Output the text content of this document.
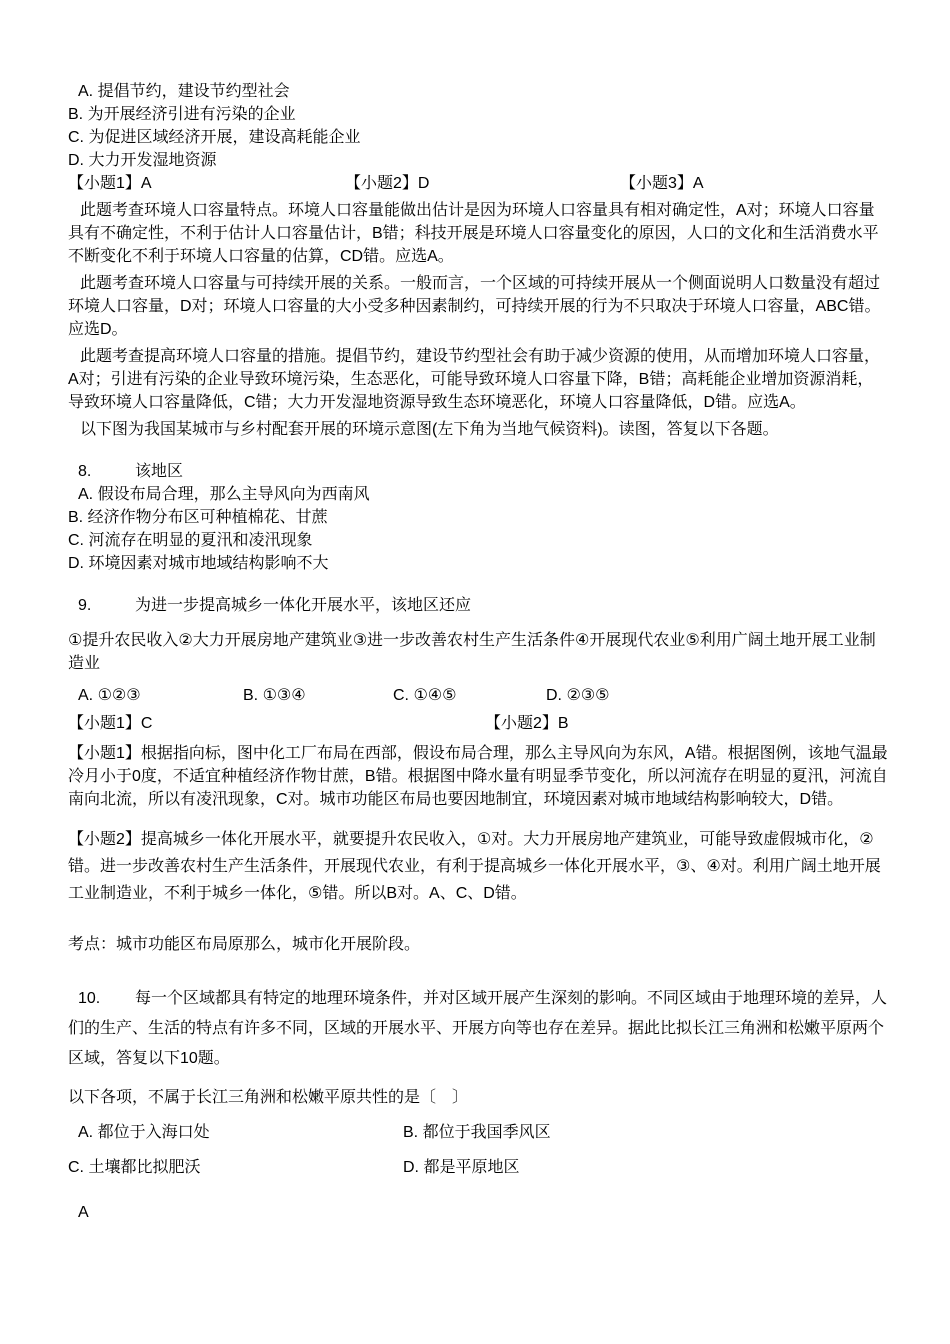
A. 提倡节约，建设节约型社会
B. 为开展经济引进有污染的企业
C. 为促进区域经济开展，建设高耗能企业
D. 大力开发湿地资源
【小题1】A	【小题2】D	【小题3】A

此题考查环境人口容量特点。环境人口容量能做出估计是因为环境人口容量具有相对确定性，A对；环境人口容量具有不确定性，不利于估计人口容量估计，B错；科技开展是环境人口容量变化的原因，人口的文化和生活消费水平不断变化不利于环境人口容量的估算，CD错。应选A。

此题考查环境人口容量与可持续开展的关系。一般而言，一个区域的可持续开展从一个侧面说明人口数量没有超过环境人口容量，D对；环境人口容量的大小受多种因素制约，可持续开展的行为不只取决于环境人口容量，ABC错。应选D。

此题考查提高环境人口容量的措施。提倡节约，建设节约型社会有助于减少资源的使用，从而增加环境人口容量，A对；引进有污染的企业导致环境污染，生态恶化，可能导致环境人口容量下降，B错；高耗能企业增加资源消耗，导致环境人口容量降低，C错；大力开发湿地资源导致生态环境恶化，环境人口容量降低，D错。应选A。

以下图为我国某城市与乡村配套开展的环境示意图(左下角为当地气候资料)。读图，答复以下各题。

8.	该地区
A. 假设布局合理，那么主导风向为西南风
B. 经济作物分布区可种植棉花、甘蔗
C. 河流存在明显的夏汛和凌汛现象
D. 环境因素对城市地域结构影响不大
9.	为进一步提高城乡一体化开展水平，该地区还应

①提升农民收入②大力开展房地产建筑业③进一步改善农村生产生活条件④开展现代农业⑤利用广阔土地开展工业制造业

A. ①②③	B. ①③④	C. ①④⑤	D. ②③⑤
【小题1】C	【小题2】B

【小题1】根据指向标，图中化工厂布局在西部，假设布局合理，那么主导风向为东风，A错。根据图例，该地气温最冷月小于0度，不适宜种植经济作物甘蔗，B错。根据图中降水量有明显季节变化，所以河流存在明显的夏汛，河流自南向北流，所以有凌汛现象，C对。城市功能区布局也要因地制宜，环境因素对城市地域结构影响较大，D错。

【小题2】提高城乡一体化开展水平，就要提升农民收入，①对。大力开展房地产建筑业，可能导致虚假城市化，②错。进一步改善农村生产生活条件，开展现代农业，有利于提高城乡一体化开展水平，③、④对。利用广阔土地开展工业制造业，不利于城乡一体化，⑤错。所以B对。A、C、D错。

考点：城市功能区布局原那么，城市化开展阶段。

10. 每一个区域都具有特定的地理环境条件，并对区域开展产生深刻的影响。不同区域由于地理环境的差异，人们的生产、生活的特点有许多不同，区域的开展水平、开展方向等也存在差异。据此比拟长江三角洲和松嫩平原两个区域，答复以下10题。

以下各项，不属于长江三角洲和松嫩平原共性的是〔　〕
A. 都位于入海口处	B. 都位于我国季风区
C. 土壤都比拟肥沃	D. 都是平原地区
A
